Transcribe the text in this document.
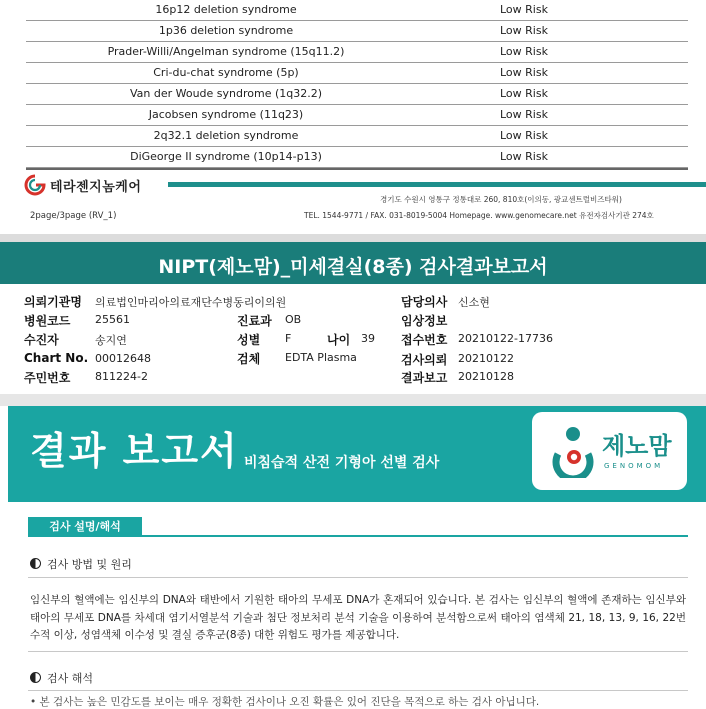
16p12 deletion syndrome	Low Risk
1p36 deletion syndrome	Low Risk
Prader-Willi/Angelman syndrome (15q11.2)	Low Risk
Cri-du-chat syndrome (5p)	Low Risk
Van der Woude syndrome (1q32.2)	Low Risk
Jacobsen syndrome (11q23)	Low Risk
2q32.1 deletion syndrome	Low Risk
DiGeorge II syndrome (10p14-p13)	Low Risk
테라젠지놈케어
경기도 수원시 영통구 정통대로 260, 810호(이의동, 광교센트럴비즈타워)
TEL. 1544-9771 / FAX. 031-8019-5004 Homepage. www.genomecare.net 유전자검사기관 274호
2page/3page (RV_1)
NIPT(제노맘)_미세결실(8종) 검사결과보고서
의뢰기관명 의료법인마리아의료재단수병동리이의원	담당의사 신소현
병원코드 25561	진료과 OB	임상정보
수진자	송지연	성별 F	나이 39 접수번호 20210122-17736
Chart No. 00012648	검체 EDTA Plasma	검사의뢰 20210122
주민번호 811224-2	결과보고 20210128
결과 보고서 비침습적 산전 기형아 선별 검사
제노맘
GENOMOM
검사 설명/해석
검사 방법 및 원리
임신부의 혈액에는 임신부의 DNA와 태반에서 기원한 태아의 무세포 DNA가 혼재되어 있습니다. 본 검사는 임신부의 혈액에 존재하는 임신부와 태아의 무세포 DNA를 차세대 염기서열분석 기술과 첨단 정보처리 분석 기술을 이용하여 분석함으로써 태아의 염색체 21, 18, 13, 9, 16, 22번 수적 이상, 성염색체 이수성 및 결실 증후군(8종) 대한 위험도 평가를 제공합니다.
검사 해석
• 본 검사는 높은 민감도를 보이는 매우 정확한 검사이나 오진 확률은 있어 진단을 목적으로 하는 검사 아닙니다.
